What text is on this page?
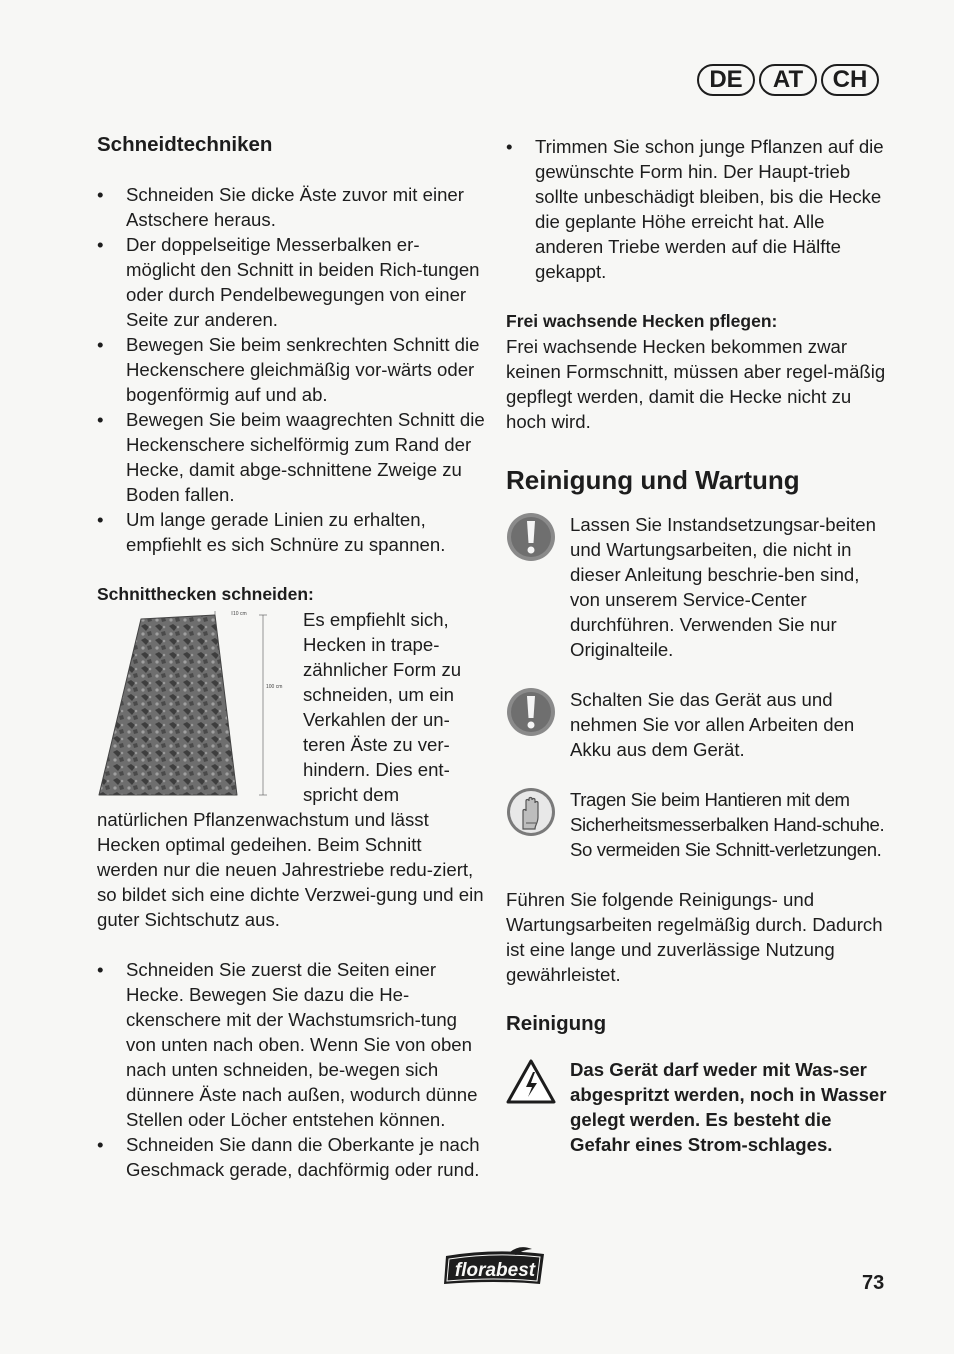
DE	AT	CH
Schneidtechniken
• Schneiden Sie dicke Äste zuvor mit einer Astschere heraus.
• Der doppelseitige Messerbalken er-möglicht den Schnitt in beiden Rich-tungen oder durch Pendelbewegungen von einer Seite zur anderen.
• Bewegen Sie beim senkrechten Schnitt die Heckenschere gleichmäßig vor-wärts oder bogenförmig auf und ab.
• Bewegen Sie beim waagrechten Schnitt die Heckenschere sichelförmig zum Rand der Hecke, damit abge-schnittene Zweige zu Boden fallen.
• Um lange gerade Linien zu erhalten, empfiehlt es sich Schnüre zu spannen.

Schnitthecken schneiden:

10 cm
100 cm

Es empfiehlt sich, Hecken in trape-zähnlicher Form zu schneiden, um ein Verkahlen der un-teren Äste zu ver-hindern. Dies ent-spricht dem natürlichen Pflanzenwachstum und lässt Hecken optimal gedeihen. Beim Schnitt werden nur die neuen Jahrestriebe redu-ziert, so bildet sich eine dichte Verzwei-gung und ein guter Sichtschutz aus.

• Schneiden Sie zuerst die Seiten einer Hecke. Bewegen Sie dazu die He-ckenschere mit der Wachstumsrich-tung von unten nach oben. Wenn Sie von oben nach unten schneiden, be-wegen sich dünnere Äste nach außen, wodurch dünne Stellen oder Löcher entstehen können.
• Schneiden Sie dann die Oberkante je nach Geschmack gerade, dachförmig oder rund.
• Trimmen Sie schon junge Pflanzen auf die gewünschte Form hin. Der Haupt-trieb sollte unbeschädigt bleiben, bis die Hecke die geplante Höhe erreicht hat. Alle anderen Triebe werden auf die Hälfte gekappt.

Frei wachsende Hecken pflegen:

Frei wachsende Hecken bekommen zwar keinen Formschnitt, müssen aber regel-mäßig gepflegt werden, damit die Hecke nicht zu hoch wird.

Reinigung und Wartung

Lassen Sie Instandsetzungsar-beiten und Wartungsarbeiten, die nicht in dieser Anleitung beschrie-ben sind, von unserem Service-Center durchführen. Verwenden Sie nur Originalteile.

Schalten Sie das Gerät aus und nehmen Sie vor allen Arbeiten den Akku aus dem Gerät.

Tragen Sie beim Hantieren mit dem Sicherheitsmesserbalken Hand-schuhe. So vermeiden Sie Schnitt-verletzungen.

Führen Sie folgende Reinigungs- und Wartungsarbeiten regelmäßig durch. Dadurch ist eine lange und zuverlässige Nutzung gewährleistet.

Reinigung

Das Gerät darf weder mit Was-ser abgespritzt werden, noch in Wasser gelegt werden. Es besteht die Gefahr eines Strom-schlages.

florabest
73
